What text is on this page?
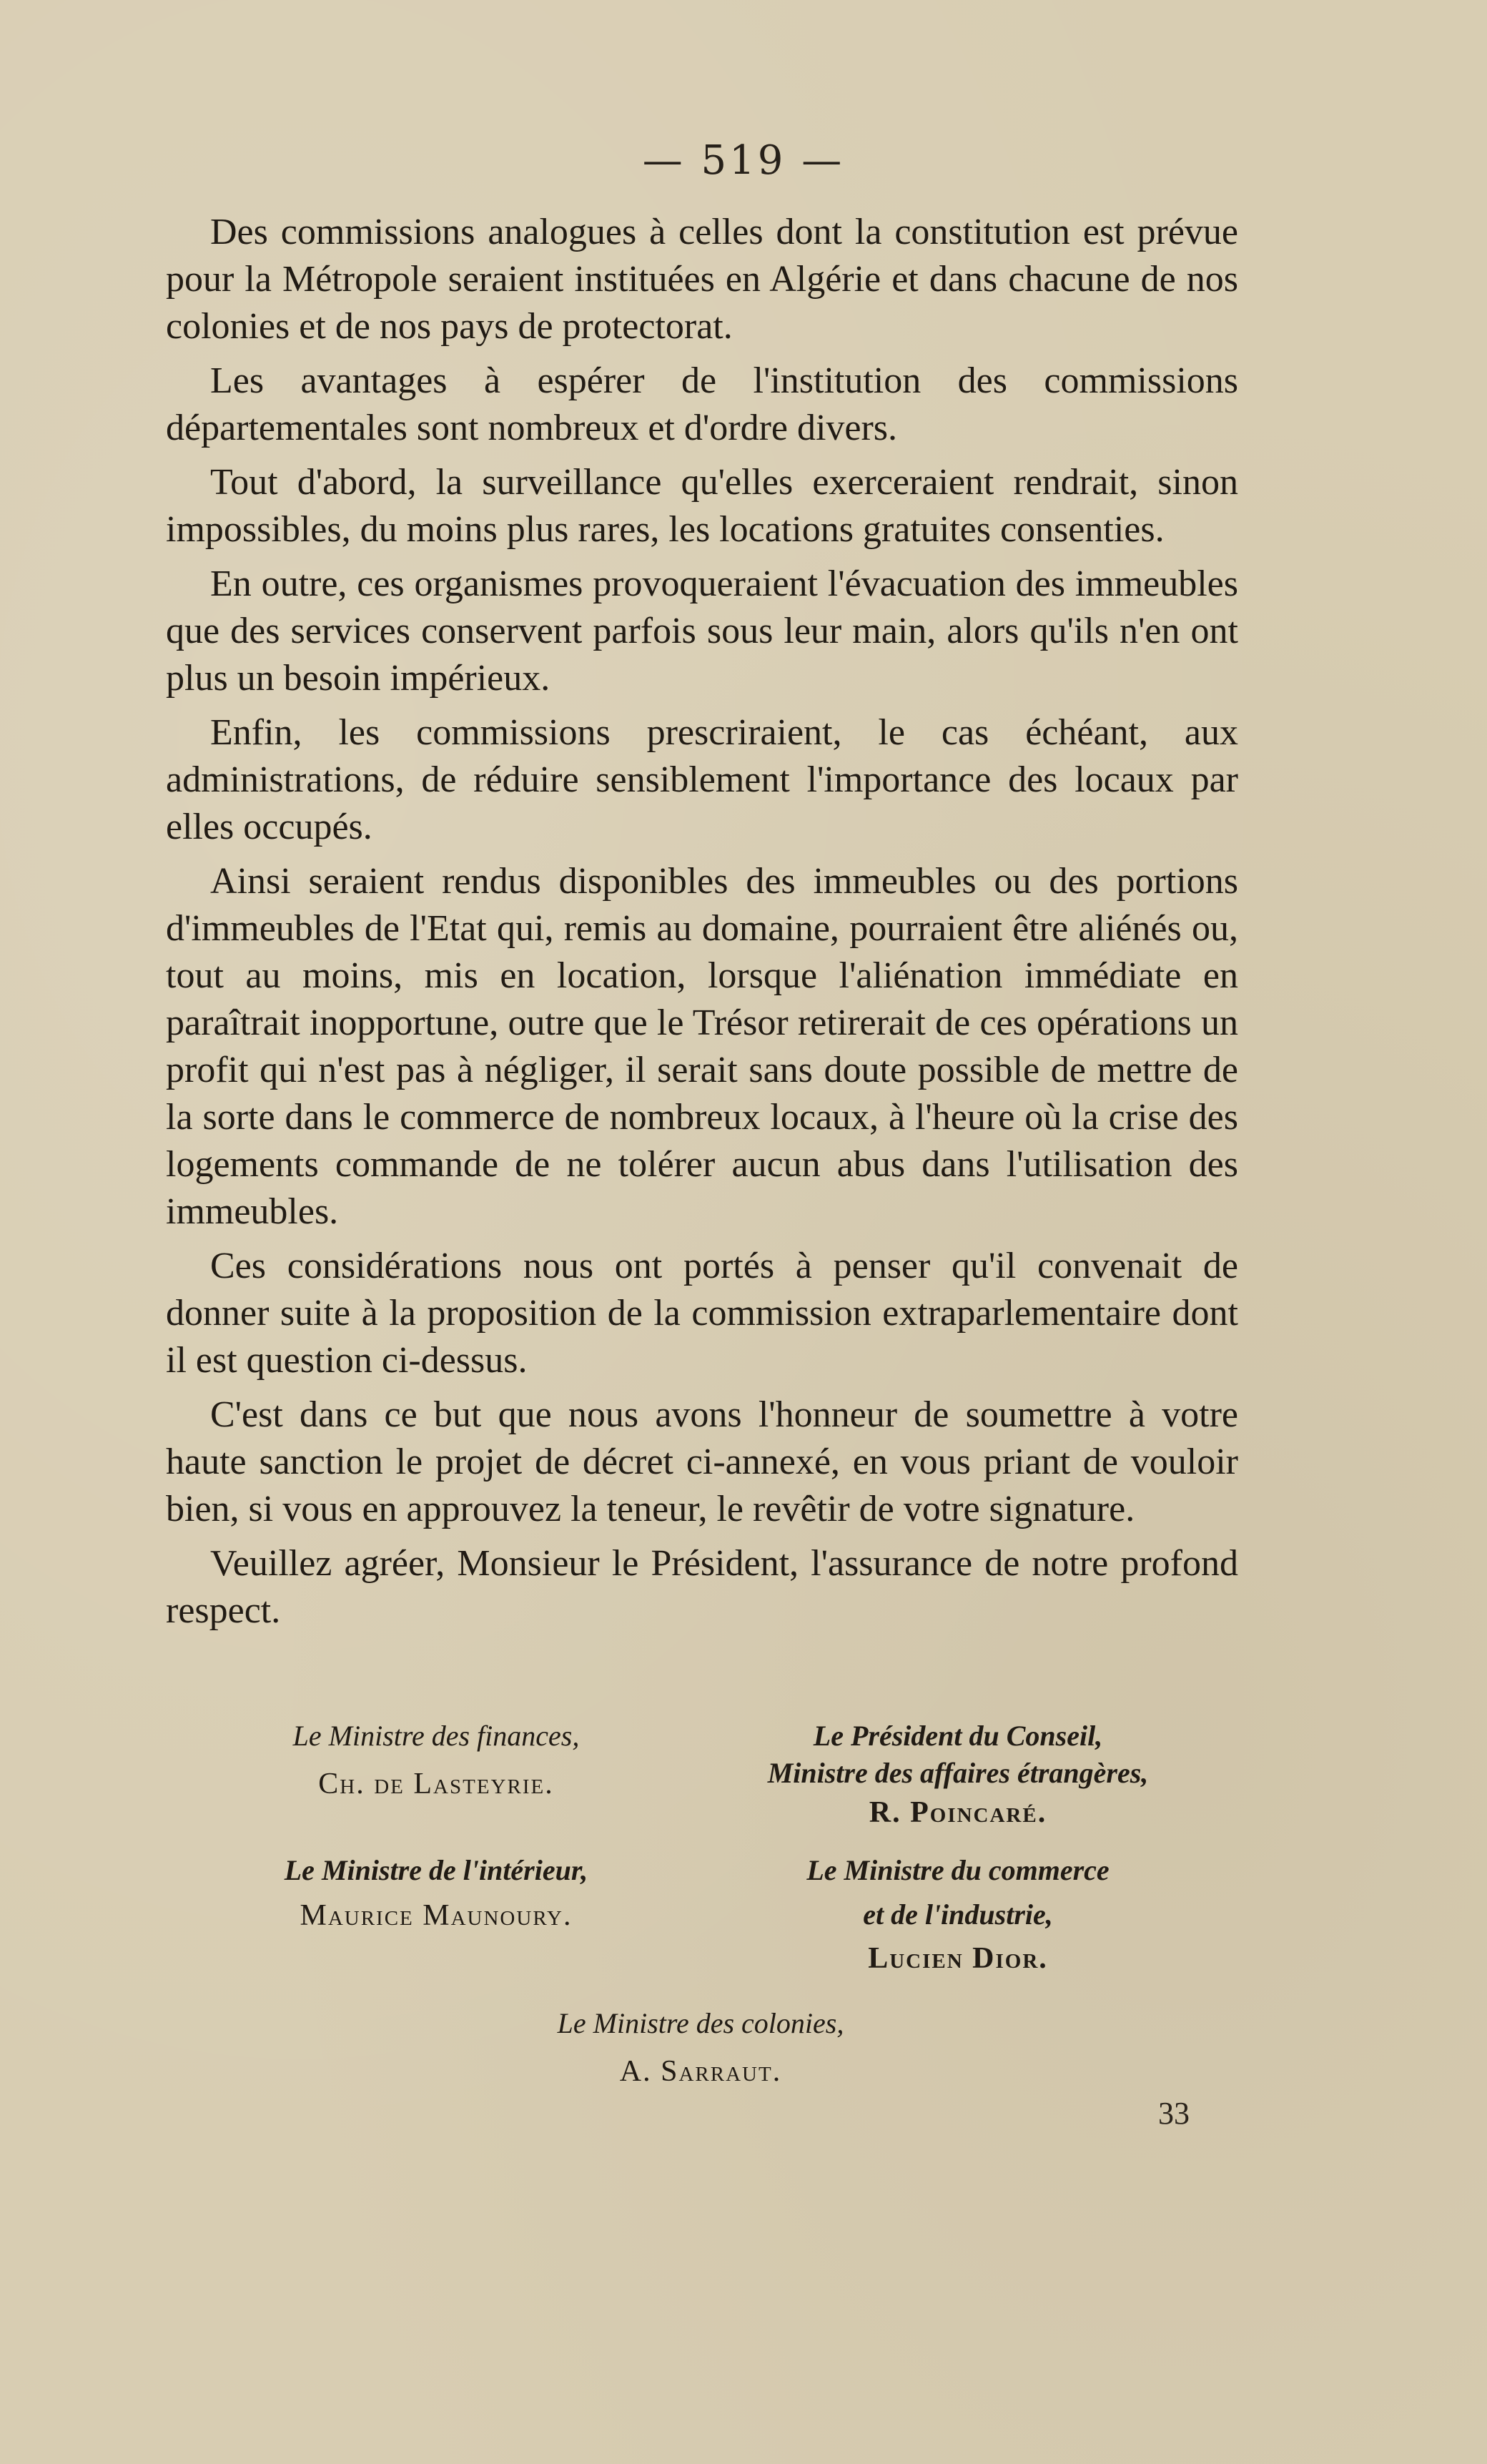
— 519 —

Des commissions analogues à celles dont la constitution est prévue pour la Métropole seraient instituées en Algérie et dans chacune de nos colonies et de nos pays de protectorat.

Les avantages à espérer de l'institution des commissions départementales sont nombreux et d'ordre divers.

Tout d'abord, la surveillance qu'elles exerceraient rendrait, sinon impossibles, du moins plus rares, les locations gratuites consenties.

En outre, ces organismes provoqueraient l'évacuation des immeubles que des services conservent parfois sous leur main, alors qu'ils n'en ont plus un besoin impérieux.

Enfin, les commissions prescriraient, le cas échéant, aux administrations, de réduire sensiblement l'importance des locaux par elles occupés.

Ainsi seraient rendus disponibles des immeubles ou des portions d'immeubles de l'Etat qui, remis au domaine, pourraient être aliénés ou, tout au moins, mis en location, lorsque l'aliénation immédiate en paraîtrait inopportune, outre que le Trésor retirerait de ces opérations un profit qui n'est pas à négliger, il serait sans doute possible de mettre de la sorte dans le commerce de nombreux locaux, à l'heure où la crise des logements commande de ne tolérer aucun abus dans l'utilisation des immeubles.

Ces considérations nous ont portés à penser qu'il convenait de donner suite à la proposition de la commission extraparlementaire dont il est question ci-dessus.

C'est dans ce but que nous avons l'honneur de soumettre à votre haute sanction le projet de décret ci-annexé, en vous priant de vouloir bien, si vous en approuvez la teneur, le revêtir de votre signature.

Veuillez agréer, Monsieur le Président, l'assurance de notre profond respect.

Le Ministre des finances,
Ch. de Lasteyrie.
Le Président du Conseil,
Ministre des affaires étrangères,
R. Poincaré.
Le Ministre de l'intérieur,
Maurice Maunoury.
Le Ministre du commerce
et de l'industrie,
Lucien Dior.
Le Ministre des colonies,
A. Sarraut.
33
